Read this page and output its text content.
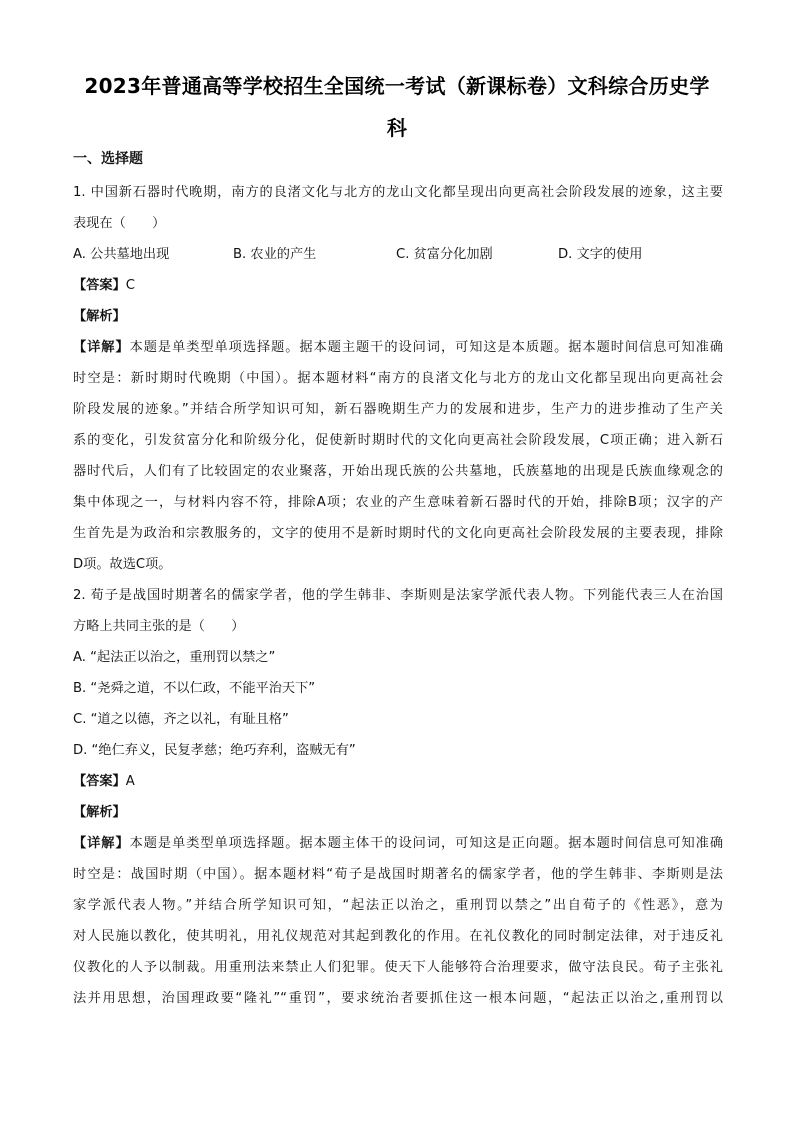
2023年普通高等学校招生全国统一考试（新课标卷）文科综合历史学
科
一、选择题
1. 中国新石器时代晚期，南方的良渚文化与北方的龙山文化都呈现出向更高社会阶段发展的迹象，这主要
表现在（　　）
A. 公共墓地出现	B. 农业的产生	C. 贫富分化加剧	D. 文字的使用
【答案】C
【解析】
【详解】本题是单类型单项选择题。据本题主题干的设问词，可知这是本质题。据本题时间信息可知准确
时空是：新时期时代晚期（中国）。据本题材料“南方的良渚文化与北方的龙山文化都呈现出向更高社会
阶段发展的迹象。”并结合所学知识可知，新石器晚期生产力的发展和进步，生产力的进步推动了生产关
系的变化，引发贫富分化和阶级分化，促使新时期时代的文化向更高社会阶段发展，C项正确；进入新石
器时代后，人们有了比较固定的农业聚落，开始出现氏族的公共墓地，氏族墓地的出现是氏族血缘观念的
集中体现之一，与材料内容不符，排除A项；农业的产生意味着新石器时代的开始，排除B项；汉字的产
生首先是为政治和宗教服务的，文字的使用不是新时期时代的文化向更高社会阶段发展的主要表现，排除
D项。故选C项。
2. 荀子是战国时期著名的儒家学者，他的学生韩非、李斯则是法家学派代表人物。下列能代表三人在治国
方略上共同主张的是（　　）
A. “起法正以治之，重刑罚以禁之”
B. “尧舜之道，不以仁政，不能平治天下”
C. “道之以德，齐之以礼，有耻且格”
D. “绝仁弃义，民复孝慈；绝巧弃利，盗贼无有”
【答案】A
【解析】
【详解】本题是单类型单项选择题。据本题主体干的设问词，可知这是正向题。据本题时间信息可知准确
时空是：战国时期（中国）。据本题材料“荀子是战国时期著名的儒家学者，他的学生韩非、李斯则是法
家学派代表人物。”并结合所学知识可知，“起法正以治之，重刑罚以禁之”出自荀子的《性恶》，意为
对人民施以教化，使其明礼，用礼仪规范对其起到教化的作用。在礼仪教化的同时制定法律，对于违反礼
仪教化的人予以制裁。用重刑法来禁止人们犯罪。使天下人能够符合治理要求，做守法良民。荀子主张礼
法并用思想，治国理政要“隆礼”“重罚”，要求统治者要抓住这一根本问题，“起法正以治之,重刑罚以
